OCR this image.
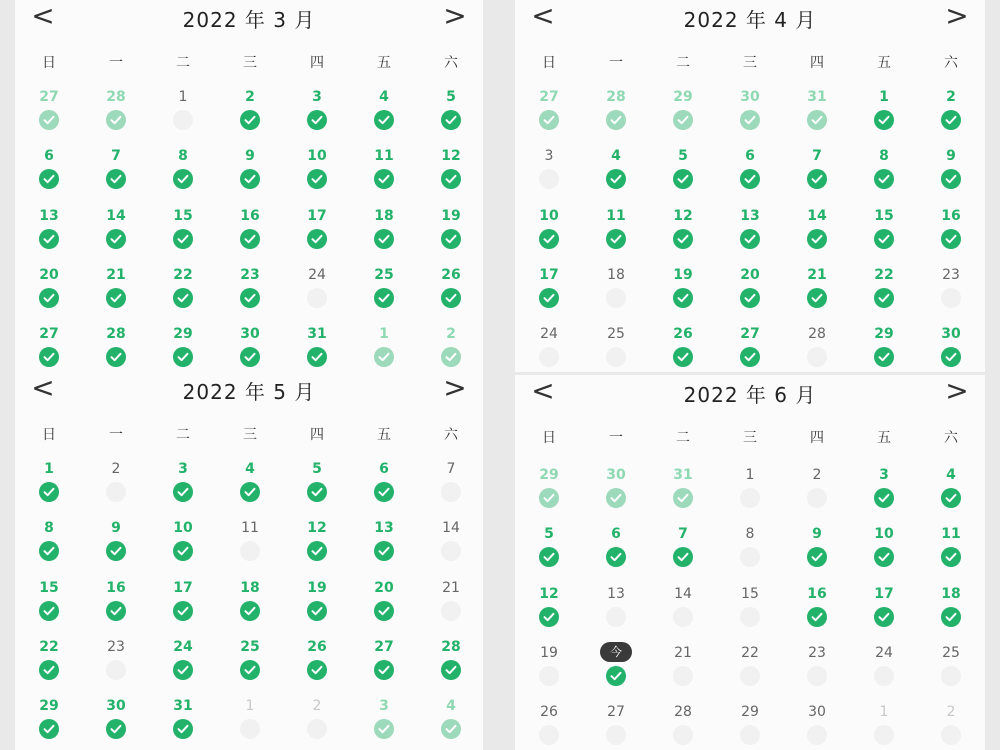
<	2022 年 3 月	>
日	一	二	三	四	五	六
27	28	1	2	3	4	5
6	7	8	9	10	11	12
13	14	15	16	17	18	19
20	21	22	23	24	25	26
27	28	29	30	31	1	2
<	2022 年 4 月	>
日	一	二	三	四	五	六
27	28	29	30	31	1	2
3	4	5	6	7	8	9
10	11	12	13	14	15	16
17	18	19	20	21	22	23
24	25	26	27	28	29	30
<	2022 年 5 月	>
日	一	二	三	四	五	六
1	2	3	4	5	6	7
8	9	10	11	12	13	14
15	16	17	18	19	20	21
22	23	24	25	26	27	28
29	30	31	1	2	3	4
<	2022 年 6 月	>
日	一	二	三	四	五	六
29	30	31	1	2	3	4
5	6	7	8	9	10	11
12	13	14	15	16	17	18
19	今	21	22	23	24	25
26	27	28	29	30	1	2
